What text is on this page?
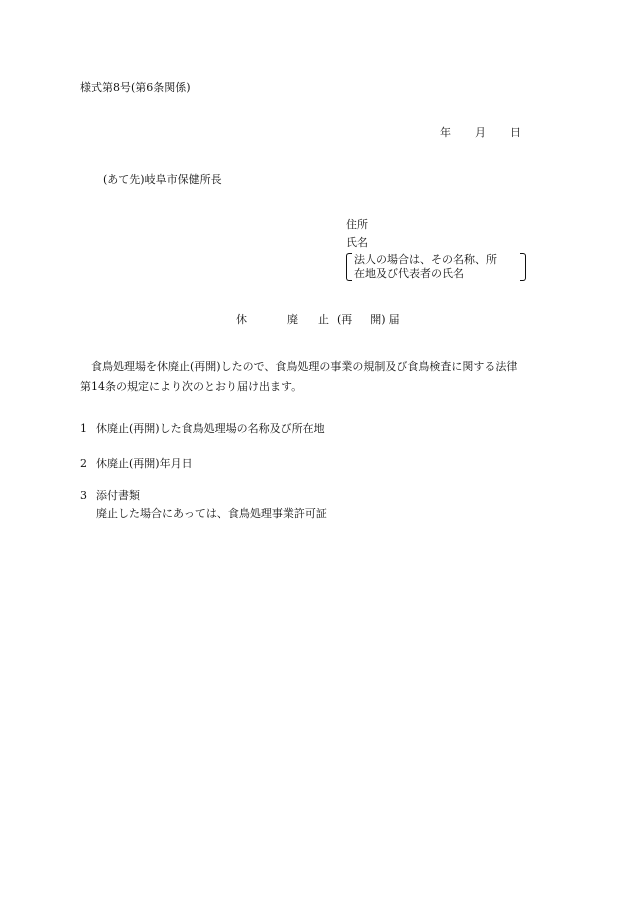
様式第8号(第6条関係)
年 月 日
(あて先)岐阜市保健所長
住所
氏名
法人の場合は、その名称、所
在地及び代表者の氏名
休	廃 止 (再 開) 届
食鳥処理場を休廃止(再開)したので、食鳥処理の事業の規制及び食鳥検査に関する法律
第14条の規定により次のとおり届け出ます。
1 休廃止(再開)した食鳥処理場の名称及び所在地
2 休廃止(再開)年月日
3 添付書類
廃止した場合にあっては、食鳥処理事業許可証
